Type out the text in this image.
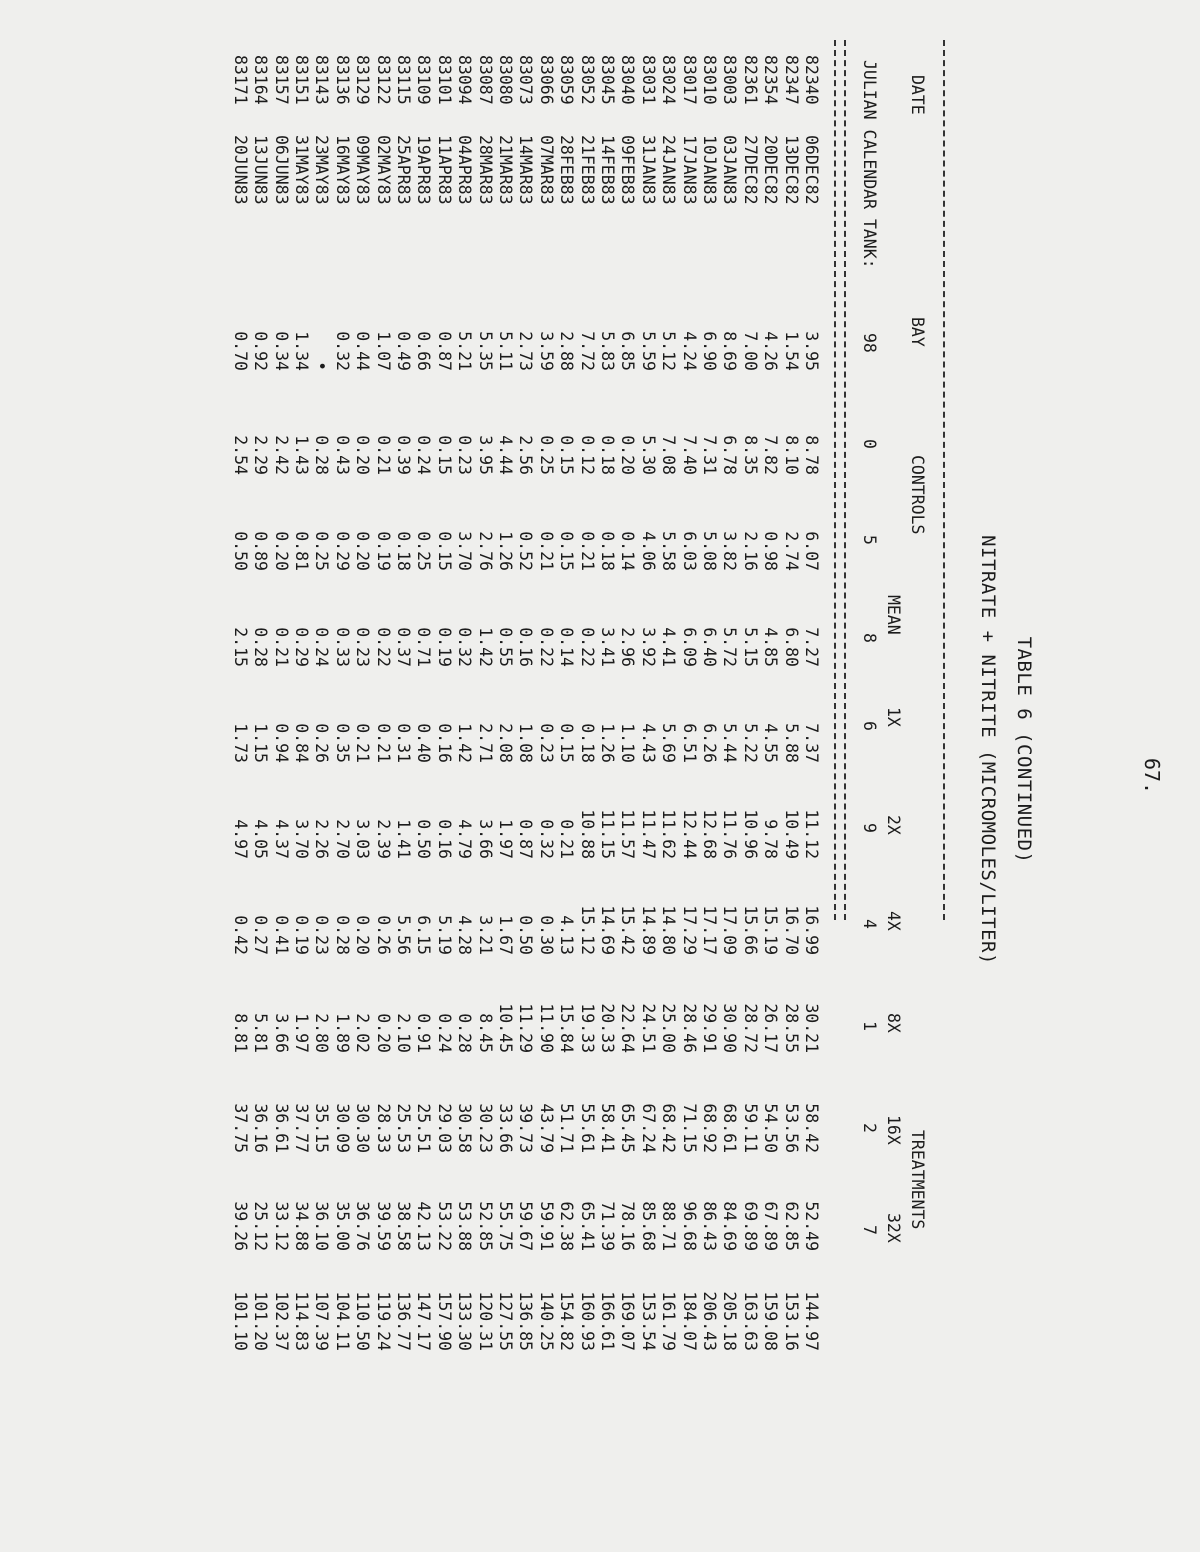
67.
TABLE 6 (CONTINUED)
NITRATE + NITRITE (MICROMOLES/LITER)
DATE
BAY
CONTROLS
TREATMENTS
MEAN
1X
2X
4X
8X
16X
32X
JULIAN CALENDAR TANK:
98
0
5
8
6
9
4
1
2
7
82340
06DEC82
3.95
8.78
6.07
7.27
7.37
11.12
16.99
30.21
58.42
52.49
144.97
82347
13DEC82
1.54
8.10
2.74
6.80
5.88
10.49
16.70
28.55
53.56
62.85
153.16
82354
20DEC82
4.26
7.82
0.98
4.85
4.55
9.78
15.19
26.17
54.50
67.89
159.08
82361
27DEC82
7.00
8.35
2.16
5.15
5.22
10.96
15.66
28.72
59.11
69.89
163.63
83003
03JAN83
8.69
6.78
3.82
5.72
5.44
11.76
17.09
30.90
68.61
84.69
205.18
83010
10JAN83
6.90
7.31
5.08
6.40
6.26
12.68
17.17
29.91
68.92
86.43
206.43
83017
17JAN83
4.24
7.40
6.03
6.09
6.51
12.44
17.29
28.46
71.15
96.68
184.07
83024
24JAN83
5.12
7.08
5.58
4.41
5.69
11.62
14.80
25.00
68.42
88.71
161.79
83031
31JAN83
5.59
5.30
4.06
3.92
4.43
11.47
14.89
24.51
67.24
85.68
153.54
83040
09FEB83
6.85
0.20
0.14
2.96
1.10
11.57
15.42
22.64
65.45
78.16
169.07
83045
14FEB83
5.83
0.18
0.18
3.41
1.26
11.15
14.69
20.33
58.41
71.39
166.61
83052
21FEB83
7.72
0.12
0.21
0.22
0.18
10.88
15.12
19.33
55.61
65.41
160.93
83059
28FEB83
2.88
0.15
0.15
0.14
0.15
0.21
4.13
15.84
51.71
62.38
154.82
83066
07MAR83
3.59
0.25
0.21
0.22
0.23
0.32
0.30
11.90
43.79
59.91
140.25
83073
14MAR83
2.73
2.56
0.52
0.16
1.08
0.87
0.50
11.29
39.73
59.67
136.85
83080
21MAR83
5.11
4.44
1.26
0.55
2.08
1.97
1.67
10.45
33.66
55.75
127.55
83087
28MAR83
5.35
3.95
2.76
1.42
2.71
3.66
3.21
8.45
30.23
52.85
120.31
83094
04APR83
5.21
0.23
3.70
0.32
1.42
4.79
4.28
0.28
30.58
53.88
133.30
83101
11APR83
0.87
0.15
0.15
0.19
0.16
0.16
5.19
0.24
29.03
53.22
157.90
83109
19APR83
0.66
0.24
0.25
0.71
0.40
0.50
6.15
0.91
25.51
42.13
147.17
83115
25APR83
0.49
0.39
0.18
0.37
0.31
1.41
5.56
2.10
25.53
38.58
136.77
83122
02MAY83
1.07
0.21
0.19
0.22
0.21
2.39
0.26
0.20
28.33
39.59
119.24
83129
09MAY83
0.44
0.20
0.20
0.23
0.21
3.03
0.20
2.02
30.30
36.76
110.50
83136
16MAY83
0.32
0.43
0.29
0.33
0.35
2.70
0.28
1.89
30.09
35.00
104.11
83143
23MAY83
•
0.28
0.25
0.24
0.26
2.26
0.23
2.80
35.15
36.10
107.39
83151
31MAY83
1.34
1.43
0.81
0.29
0.84
3.70
0.19
1.97
37.77
34.88
114.83
83157
06JUN83
0.34
2.42
0.20
0.21
0.94
4.37
0.41
3.66
36.61
33.12
102.37
83164
13JUN83
0.92
2.29
0.89
0.28
1.15
4.05
0.27
5.81
36.16
25.12
101.20
83171
20JUN83
0.70
2.54
0.50
2.15
1.73
4.97
0.42
8.81
37.75
39.26
101.10
